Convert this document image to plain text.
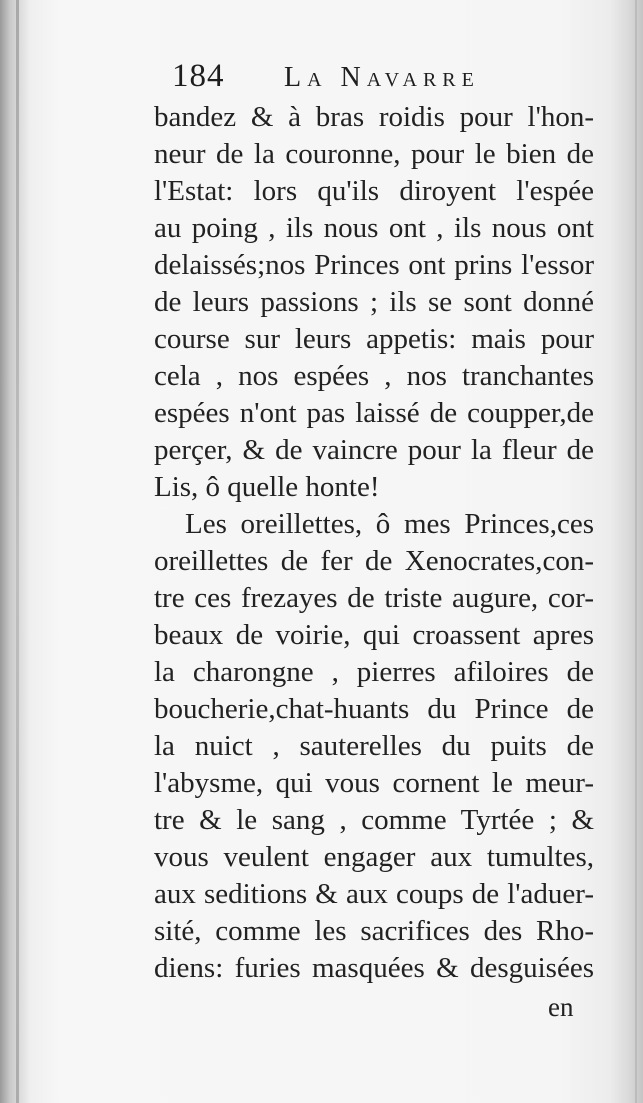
184 La Navarre
bandez & à bras roidis pour l'hon-
neur de la couronne, pour le bien de
l'Estat: lors qu'ils diroyent l'espée
au poing , ils nous ont , ils nous ont
delaissés;nos Princes ont prins l'essor
de leurs passions ; ils se sont donné
course sur leurs appetis: mais pour
cela , nos espées , nos tranchantes
espées n'ont pas laissé de coupper,de
perçer, & de vaincre pour la fleur de
Lis, ô quelle honte!
Les oreillettes, ô mes Princes,ces
oreillettes de fer de Xenocrates,con-
tre ces frezayes de triste augure, cor-
beaux de voirie, qui croassent apres
la charongne , pierres afiloires de
boucherie,chat-huants du Prince de
la nuict , sauterelles du puits de
l'abysme, qui vous cornent le meur-
tre & le sang , comme Tyrtée ; &
vous veulent engager aux tumultes,
aux seditions & aux coups de l'aduer-
sité, comme les sacrifices des Rho-
diens: furies masquées & desguisées
en
